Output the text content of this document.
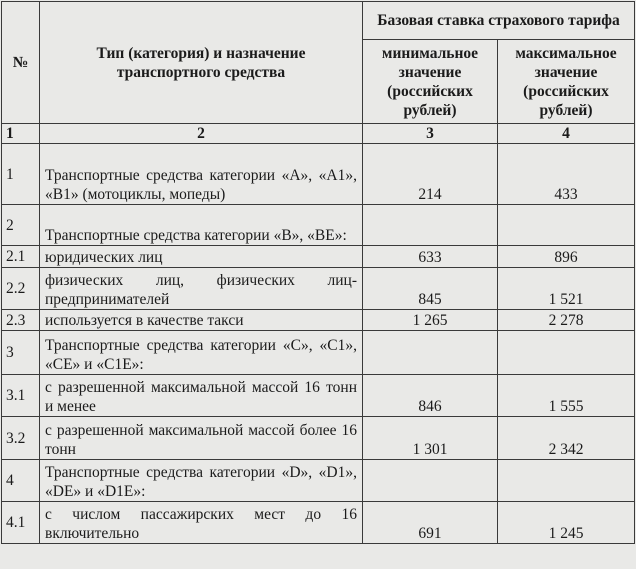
№	Тип (категория) и назначение транспортного средства	Базовая ставка страхового тарифа	
		минимальное значение (российских рублей)	максимальное значение (российских рублей)
1	2	3	4
1	Транспортные средства категории «А», «А1», «В1» (мотоциклы, мопеды)	214	433
2	Транспортные средства категории «В», «ВЕ»:		
2.1	юридических лиц	633	896
2.2	физических лиц, физических лиц-предпринимателей	845	1 521
2.3	используется в качестве такси	1 265	2 278
3	Транспортные средства категории «С», «С1», «СЕ» и «С1Е»:		
3.1	с разрешенной максимальной массой 16 тонн и менее	846	1 555
3.2	с разрешенной максимальной массой более 16 тонн	1 301	2 342
4	Транспортные средства категории «D», «D1», «DE» и «D1E»:		
4.1	с числом пассажирских мест до 16 включительно	691	1 245
